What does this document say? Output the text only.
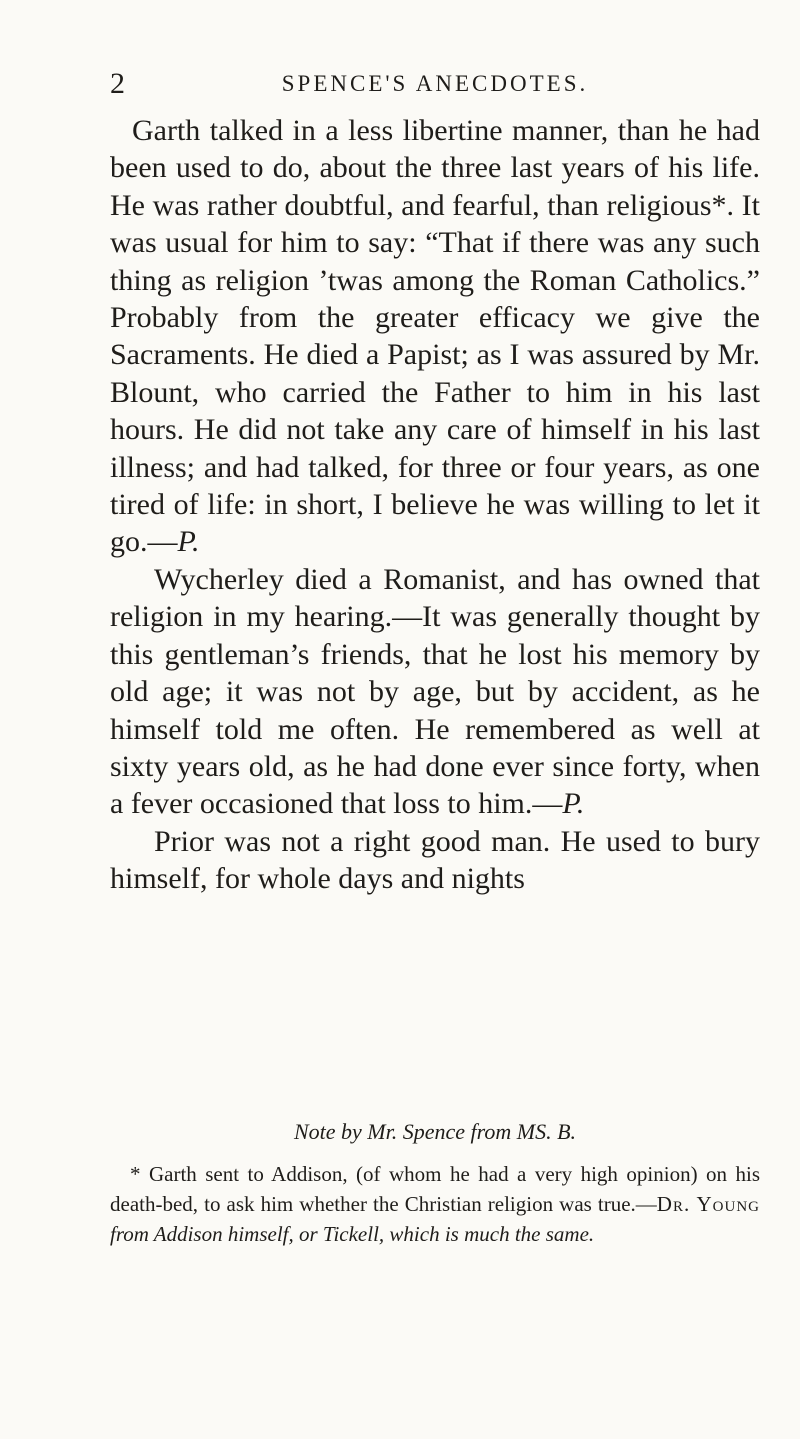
2	SPENCE'S ANECDOTES.

Garth talked in a less libertine manner, than he had been used to do, about the three last years of his life. He was rather doubtful, and fearful, than religious*. It was usual for him to say: “That if there was any such thing as religion ’twas among the Roman Catholics.” Probably from the greater efficacy we give the Sacraments. He died a Papist; as I was assured by Mr. Blount, who carried the Father to him in his last hours. He did not take any care of himself in his last illness; and had talked, for three or four years, as one tired of life: in short, I believe he was willing to let it go.—P.

Wycherley died a Romanist, and has owned that religion in my hearing.—It was generally thought by this gentleman’s friends, that he lost his memory by old age; it was not by age, but by accident, as he himself told me often. He remembered as well at sixty years old, as he had done ever since forty, when a fever occasioned that loss to him.—P.

Prior was not a right good man. He used to bury himself, for whole days and nights

Note by Mr. Spence from MS. B.

* Garth sent to Addison, (of whom he had a very high opinion) on his death-bed, to ask him whether the Christian religion was true.—Dr. Young from Addison himself, or Tickell, which is much the same.
